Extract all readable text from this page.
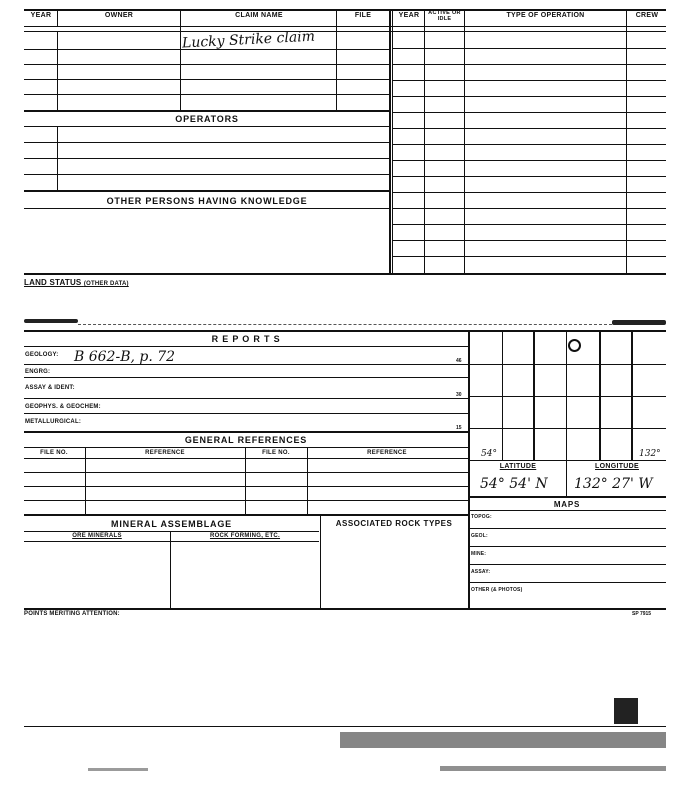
YEAR	OWNER	CLAIM NAME	FILE	YEAR	ACTIVE OR IDLE	TYPE OF OPERATION	CREW
Lucky Strike claim
OPERATORS
OTHER PERSONS HAVING KNOWLEDGE
LAND STATUS (OTHER DATA)
R E P O R T S
GEOLOGY: B 662-B, p. 72	46
ENGRG:
ASSAY & IDENT:
30
GEOPHYS. & GEOCHEM:
METALLURGICAL:
15
GENERAL REFERENCES
FILE NO.	REFERENCE	FILE NO.	REFERENCE
MINERAL ASSEMBLAGE
ORE MINERALS	ROCK FORMING, ETC.
ASSOCIATED ROCK TYPES
54°	132°
LATITUDE	LONGITUDE
54° 54' N 132° 27' W
MAPS
TOPOG:
GEOL:
MINE:
ASSAY:
OTHER (& PHOTOS)
POINTS MERITING ATTENTION:	SP 7915
